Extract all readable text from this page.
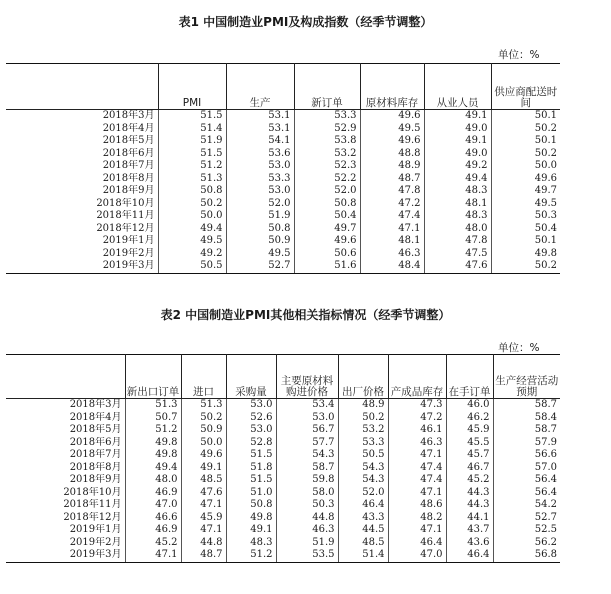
表1 中国制造业PMI及构成指数（经季节调整）
单位：%
	PMI	生产	新订单	原材料库存	从业人员	供应商配送时间
2018年3月	51.5	53.1	53.3	49.6	49.1	50.1
2018年4月	51.4	53.1	52.9	49.5	49.0	50.2
2018年5月	51.9	54.1	53.8	49.6	49.1	50.1
2018年6月	51.5	53.6	53.2	48.8	49.0	50.2
2018年7月	51.2	53.0	52.3	48.9	49.2	50.0
2018年8月	51.3	53.3	52.2	48.7	49.4	49.6
2018年9月	50.8	53.0	52.0	47.8	48.3	49.7
2018年10月	50.2	52.0	50.8	47.2	48.1	49.5
2018年11月	50.0	51.9	50.4	47.4	48.3	50.3
2018年12月	49.4	50.8	49.7	47.1	48.0	50.4
2019年1月	49.5	50.9	49.6	48.1	47.8	50.1
2019年2月	49.2	49.5	50.6	46.3	47.5	49.8
2019年3月	50.5	52.7	51.6	48.4	47.6	50.2
表2 中国制造业PMI其他相关指标情况（经季节调整）
单位：%
	新出口订单	进口	采购量	主要原材料购进价格	出厂价格	产成品库存	在手订单	生产经营活动预期
2018年3月	51.3	51.3	53.0	53.4	48.9	47.3	46.0	58.7
2018年4月	50.7	50.2	52.6	53.0	50.2	47.2	46.2	58.4
2018年5月	51.2	50.9	53.0	56.7	53.2	46.1	45.9	58.7
2018年6月	49.8	50.0	52.8	57.7	53.3	46.3	45.5	57.9
2018年7月	49.8	49.6	51.5	54.3	50.5	47.1	45.7	56.6
2018年8月	49.4	49.1	51.8	58.7	54.3	47.4	46.7	57.0
2018年9月	48.0	48.5	51.5	59.8	54.3	47.4	45.2	56.4
2018年10月	46.9	47.6	51.0	58.0	52.0	47.1	44.3	56.4
2018年11月	47.0	47.1	50.8	50.3	46.4	48.6	44.3	54.2
2018年12月	46.6	45.9	49.8	44.8	43.3	48.2	44.1	52.7
2019年1月	46.9	47.1	49.1	46.3	44.5	47.1	43.7	52.5
2019年2月	45.2	44.8	48.3	51.9	48.5	46.4	43.6	56.2
2019年3月	47.1	48.7	51.2	53.5	51.4	47.0	46.4	56.8
